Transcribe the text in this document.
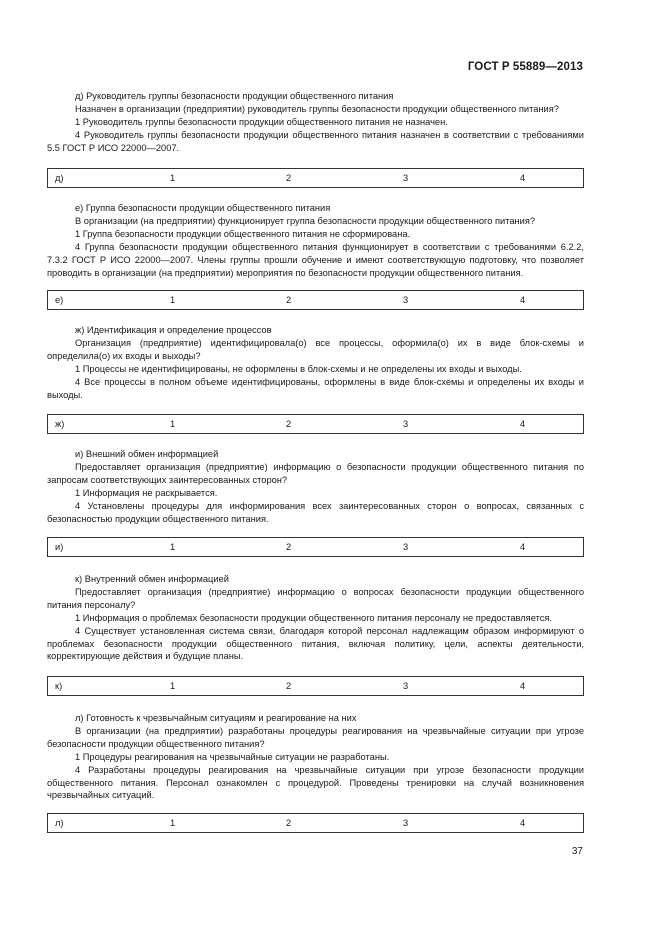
ГОСТ Р 55889—2013

д) Руководитель группы безопасности продукции общественного питания

Назначен в организации (предприятии) руководитель группы безопасности продукции общественного питания?

1 Руководитель группы безопасности продукции общественного питания не назначен.

4 Руководитель группы безопасности продукции общественного питания назначен в соответствии с требованиями 5.5 ГОСТ Р ИСО 22000—2007.

д)	1	2	3	4

е) Группа безопасности продукции общественного питания

В организации (на предприятии) функционирует группа безопасности продукции общественного питания?

1 Группа безопасности продукции общественного питания не сформирована.

4 Группа безопасности продукции общественного питания функционирует в соответствии с требованиями 6.2.2, 7.3.2 ГОСТ Р ИСО 22000—2007. Члены группы прошли обучение и имеют соответствующую подготовку, что позволяет проводить в организации (на предприятии) мероприятия по безопасности продукции общественного питания.

е)	1	2	3	4

ж) Идентификация и определение процессов

Организация (предприятие) идентифицировала(о) все процессы, оформила(о) их в виде блок-схемы и определила(о) их входы и выходы?

1 Процессы не идентифицированы, не оформлены в блок-схемы и не определены их входы и выходы.

4 Все процессы в полном объеме идентифицированы, оформлены в виде блок-схемы и определены их входы и выходы.

ж)	1	2	3	4

и) Внешний обмен информацией

Предоставляет организация (предприятие) информацию о безопасности продукции общественного питания по запросам соответствующих заинтересованных сторон?

1 Информация не раскрывается.

4 Установлены процедуры для информирования всех заинтересованных сторон о вопросах, связанных с безопасностью продукции общественного питания.

и)	1	2	3	4

к) Внутренний обмен информацией

Предоставляет организация (предприятие) информацию о вопросах безопасности продукции общественного питания персоналу?

1 Информация о проблемах безопасности продукции общественного питания персоналу не предоставляется.

4 Существует установленная система связи, благодаря которой персонал надлежащим образом информируют о проблемах безопасности продукции общественного питания, включая политику, цели, аспекты деятельности, корректирующие действия и будущие планы.

к)	1	2	3	4

л) Готовность к чрезвычайным ситуациям и реагирование на них

В организации (на предприятии) разработаны процедуры реагирования на чрезвычайные ситуации при угрозе безопасности продукции общественного питания?

1 Процедуры реагирования на чрезвычайные ситуации не разработаны.

4 Разработаны процедуры реагирования на чрезвычайные ситуации при угрозе безопасности продукции общественного питания. Персонал ознакомлен с процедурой. Проведены тренировки на случай возникновения чрезвычайных ситуаций.

л)	1	2	3	4
37
